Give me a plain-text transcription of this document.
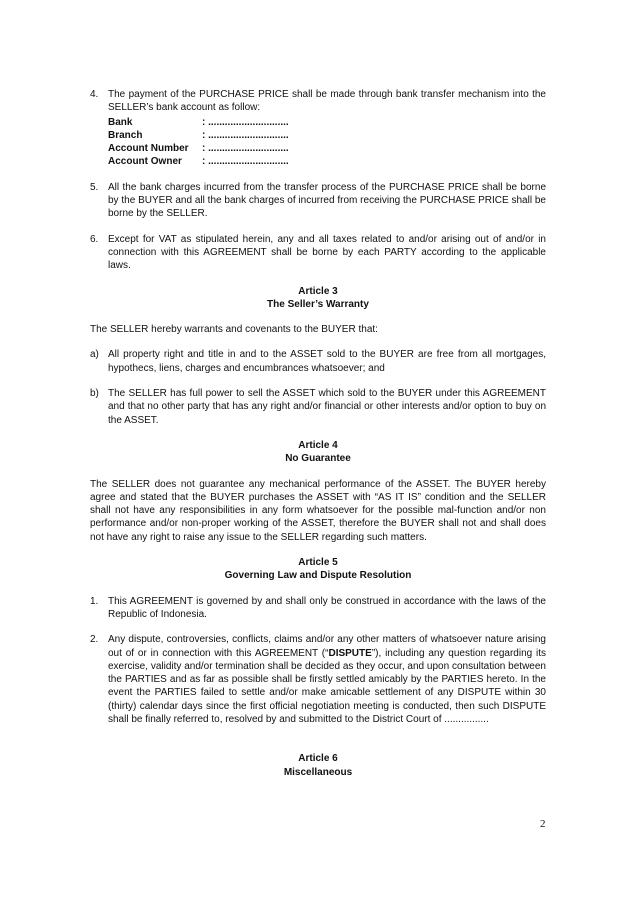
4. The payment of the PURCHASE PRICE shall be made through bank transfer mechanism into the SELLER’s bank account as follow:

Bank	: .............................
Branch	: .............................
Account Number	: .............................
Account Owner	: .............................
5. All the bank charges incurred from the transfer process of the PURCHASE PRICE shall be borne by the BUYER and all the bank charges of incurred from receiving the PURCHASE PRICE shall be borne by the SELLER.

6. Except for VAT as stipulated herein, any and all taxes related to and/or arising out of and/or in connection with this AGREEMENT shall be borne by each PARTY according to the applicable laws.

Article 3
The Seller’s Warranty

The SELLER hereby warrants and covenants to the BUYER that:

a) All property right and title in and to the ASSET sold to the BUYER are free from all mortgages, hypothecs, liens, charges and encumbrances whatsoever; and

b) The SELLER has full power to sell the ASSET which sold to the BUYER under this AGREEMENT and that no other party that has any right and/or financial or other interests and/or option to buy on the ASSET.

Article 4
No Guarantee

The SELLER does not guarantee any mechanical performance of the ASSET. The BUYER hereby agree and stated that the BUYER purchases the ASSET with “AS IT IS” condition and the SELLER shall not have any responsibilities in any form whatsoever for the possible mal-function and/or non performance and/or non-proper working of the ASSET, therefore the BUYER shall not and shall does not have any right to raise any issue to the SELLER regarding such matters.

Article 5
Governing Law and Dispute Resolution
1. This AGREEMENT is governed by and shall only be construed in accordance with the laws of the Republic of Indonesia.

2. Any dispute, controversies, conflicts, claims and/or any other matters of whatsoever nature arising out of or in connection with this AGREEMENT (“DISPUTE”), including any question regarding its exercise, validity and/or termination shall be decided as they occur, and upon consultation between the PARTIES and as far as possible shall be firstly settled amicably by the PARTIES hereto. In the event the PARTIES failed to settle and/or make amicable settlement of any DISPUTE within 30 (thirty) calendar days since the first official negotiation meeting is conducted, then such DISPUTE shall be finally referred to, resolved by and submitted to the District Court of ................

Article 6
Miscellaneous
2
